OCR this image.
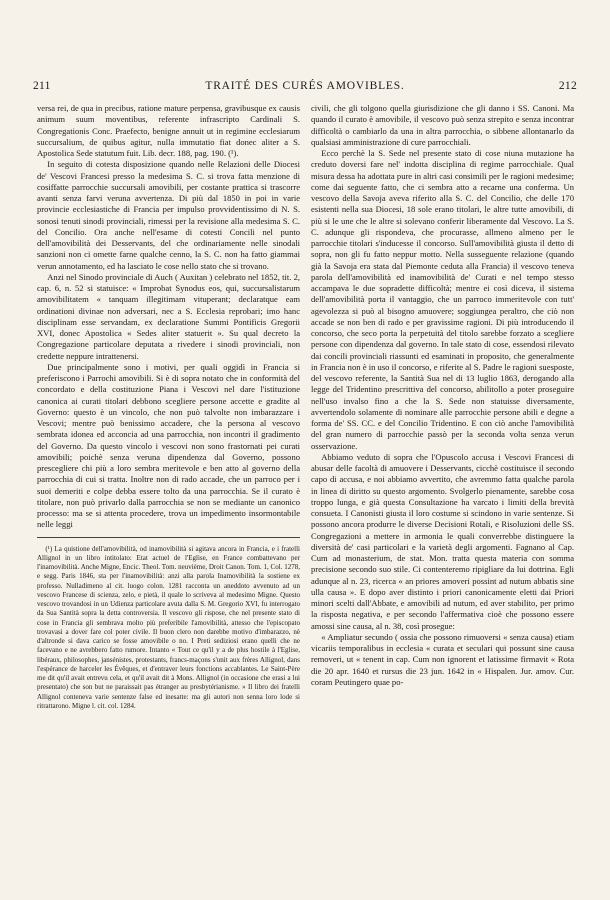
211	TRAITÉ DES CURÉS AMOVIBLES.	212

versa rei, de qua in precibus, ratione mature perpensa, gravibusque ex causis animum suum moventibus, referente infrascripto Cardinali S. Congregationis Conc. Praefecto, benigne annuit ut in regimine ecclesiarum succursalium, de quibus agitur, nulla immutatio fiat donec aliter a S. Apostolica Sede statutum fuit. Lib. decr. 188, pag. 190. (¹).

In seguito di cotesta disposizione quando nelle Relazioni delle Diocesi de' Vescovi Francesi presso la medesima S. C. si trova fatta menzione di cosiffatte parrocchie succursali amovibili, per costante prattica si trascorre avanti senza farvi veruna avvertenza. Di più dal 1850 in poi in varie provincie ecclesiastiche di Francia per impulso provvidentissimo di N. S. sonosi tenuti sinodi provinciali, rimessi per la revisione alla medesima S. C. del Concilio. Ora anche nell'esame di cotesti Concili nel punto dell'amovibilità dei Desservants, del che ordinariamente nelle sinodali sanzioni non ci omette farne qualche cenno, la S. C. non ha fatto giammai verun annotamento, ed ha lasciato le cose nello stato che si trovano.

Anzi nel Sinodo provinciale di Auch ( Auxitan ) celebrato nel 1852, tit. 2, cap. 6, n. 52 si statuisce: « Improbat Synodus eos, qui, succursalistarum amovibilitatem « tanquam illegitimam vituperant; declaratque eam ordinationi divinae non adversari, nec a S. Ecclesia reprobari; imo hanc disciplinam esse servandam, ex declaratione Summi Pontificis Gregorii XVI, donec Apostolica « Sedes aliter statuerit ». Su qual decreto la Congregazione particolare deputata a rivedere i sinodi provinciali, non credette neppure intrattenersi.

Due principalmente sono i motivi, per quali oggidì in Francia si preferiscono i Parrochi amovibili. Si è di sopra notato che in conformità del concordato e della costituzione Piana i Vescovi nel dare l'istituzione canonica ai curati titolari debbono scegliere persone accette e gradite al Governo: questo è un vincolo, che non può talvolte non imbarazzare i Vescovi; mentre può benissimo accadere, che la persona al vescovo sembrata idonea ed acconcia ad una parrocchia, non incontri il gradimento del Governo. Da questo vincolo i vescovi non sono frastornati pei curati amovibili; poichè senza veruna dipendenza dal Governo, possono prescegliere chi più a loro sembra meritevole e ben atto al governo della parrocchia di cui si tratta. Inoltre non di rado accade, che un parroco per i suoi demeriti e colpe debba essere tolto da una parrocchia. Se il curato è titolare, non può privarlo dalla parrocchia se non se mediante un canonico processo: ma se si attenta procedere, trova un impedimento insormontabile nelle leggi

(¹) La quistione dell'amovibilità, od inamovibilità si agitava ancora in Francia, e i fratelli Allignol in un libro intitolato: Etat actuel de l'Eglise, en France combattevano per l'inamovibilità. Anche Migne, Encic. Theol. Tom. neuvième, Droit Canon. Tom. 1, Col. 1278, e segg. Paris 1846, sta per l'inamovibilità: anzi alla parola Inamovibilità la sostiene ex professo. Nulladimeno al cit. luogo colon. 1281 racconta un aneddoto avvenuto ad un vescovo Francese di scienza, zelo, e pietà, il quale lo scriveva al medesimo Migne. Questo vescovo trovandosi in un Udienza particolare avuta dalla S. M. Gregorio XVI, fu interrogato da Sua Santità sopra la detta controversia. Il vescovo gli rispose, che nel presente stato di cose in Francia gli sembrava molto più preferibile l'amovibilità, attesso che l'episcopato trovavasi a dover fare col poter civile. Il buon clero non darebbe motivo d'imbarazzo, nè d'altronde si dava carico se fosse amovibile o no. I Preti sediziosi erano quelli che ne facevano e ne avrebbero fatto rumore. Intanto « Tout ce qu'il y a de plus hostile à l'Eglise, libéraux, philosophes, jansénistes, protestants, francs-maçons s'unit aux frères Allignol, dans l'espérance de harceler les Évêques, et d'entraver leurs fonctions accablantes. Le Saint-Père me dit qu'il avait entrevu cela, et qu'il avait dit à Mons. Allignol (in occasione che erasi a lui presentato) che son but ne paraissait pas étranger au presbytérianisme. » Il libro dei fratelli Allignol conteneva varie sentenze false ed inesatte: ma gli autori non senna loro lode si ritrattarono. Migne l. cit. col. 1284.

civili, che gli tolgono quella giurisdizione che gli danno i SS. Canoni. Ma quando il curato è amovibile, il vescovo può senza strepito e senza incontrar difficoltà o cambiarlo da una in altra parrocchia, o sibbene allontanarlo da qualsiasi amministrazione di cure parrocchiali.

Ecco perchè la S. Sede nel presente stato di cose niuna mutazione ha creduto doversi fare nel' indotta disciplina di regime parrocchiale. Qual misura dessa ha adottata pure in altri casi consimili per le ragioni medesime; come dai seguente fatto, che ci sembra atto a recarne una conferma. Un vescovo della Savoja aveva riferito alla S. C. del Concilio, che delle 170 esistenti nella sua Diocesi, 18 sole erano titolari, le altre tutte amovibili, di più si le une che le altre si solevano conferir liberamente dal Vescovo. La S. C. adunque gli rispondeva, che procurasse, allmeno almeno per le parrocchie titolari s'inducesse il concorso. Sull'amovibilità giusta il detto di sopra, non gli fu fatto neppur motto. Nella susseguente relazione (quando già la Savoja era stata dal Piemonte ceduta alla Francia) il vescovo teneva parola dell'amovibilità ed inamovibilità de' Curati e nel tempo stesso accampava le due sopradette difficoltà; mentre ei così diceva, il sistema dell'amovibilità porta il vantaggio, che un parroco immeritevole con tutt' agevolezza si può al bisogno amuovere; soggiungea peraltro, che ciò non accade se non ben di rado e per gravissime ragioni. Di più introducendo il concorso, che seco porta la perpetuità del titolo sarebbe forzato a scegliere persone con dipendenza dal governo. In tale stato di cose, essendosi rilevato dai concili provinciali riassunti ed esaminati in proposito, che generalmente in Francia non è in uso il concorso, e riferite al S. Padre le ragioni suesposte, del vescovo referente, la Santità Sua nel di 13 luglio 1863, derogando alla legge del Tridentino prescrittiva del concorso, abilitollo a poter proseguire nell'uso invalso fino a che la S. Sede non statuisse diversamente, avvertendolo solamente di nominare alle parrocchie persone abili e degne a forma de' SS. CC. e del Concilio Tridentino. E con ciò anche l'amovibilità del gran numero di parrocchie passò per la seconda volta senza verun osservazione.

Abbiamo veduto di sopra che l'Opuscolo accusa i Vescovi Francesi di abusar delle facoltà di amuovere i Desservants, cicchè costituisce il secondo capo di accusa, e noi abbiamo avvertito, che avremmo fatta qualche parola in linea di diritto su questo argomento. Svolgerlo pienamente, sarebbe cosa troppo lunga, e già questa Consultazione ha varcato i limiti della brevità consueta. I Canonisti giusta il loro costume si scindono in varie sentenze. Si possono ancora produrre le diverse Decisioni Rotali, e Risoluzioni delle SS. Congregazioni a mettere in armonia le quali converrebbe distinguere la diversità de' casi particolari e la varietà degli argomenti. Fagnano al Cap. Cum ad monasterium, de stat. Mon. tratta questa materia con somma precisione secondo suo stile. Ci contenteremo ripigliare da lui dottrina. Egli adunque al n. 23, ricerca « an priores amoveri possint ad nutum abbatis sine ulla causa ». E dopo aver distinto i priori canonicamente eletti dai Priori minori scelti dall'Abbate, e amovibili ad nutum, ed aver stabilito, per primo la risposta negativa, e per secondo l'affermativa cioè che possono essere amossi sine causa, al n. 38, così prosegue:

« Ampliatur secundo ( ossia che possono rimuoversi « senza causa) etiam vicariis temporalibus in ecclesia « curata et seculari qui possunt sine causa removeri, ut « tenent in cap. Cum non ignorent et latissime firmavit « Rota die 20 apr. 1640 et rursus die 23 jun. 1642 in « Hispalen. Jur. amov. Cur. coram Peutingero quae po-
